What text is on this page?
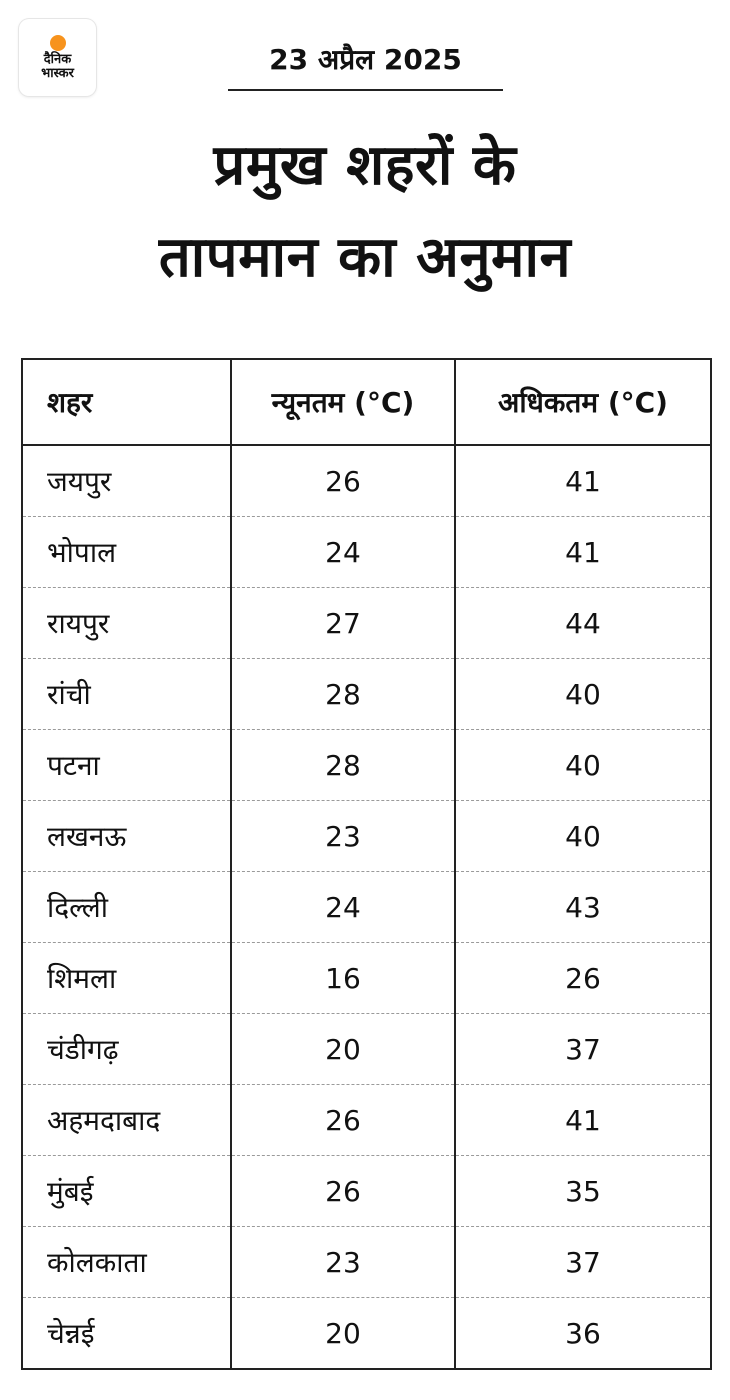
दैनिक
भास्कर	23 अप्रैल 2025
प्रमुख शहरों के
तापमान का अनुमान
शहर	न्यूनतम (°C)	अधिकतम (°C)
जयपुर	26	41
भोपाल	24	41
रायपुर	27	44
रांची	28	40
पटना	28	40
लखनऊ	23	40
दिल्ली	24	43
शिमला	16	26
चंडीगढ़	20	37
अहमदाबाद	26	41
मुंबई	26	35
कोलकाता	23	37
चेन्नई	20	36
